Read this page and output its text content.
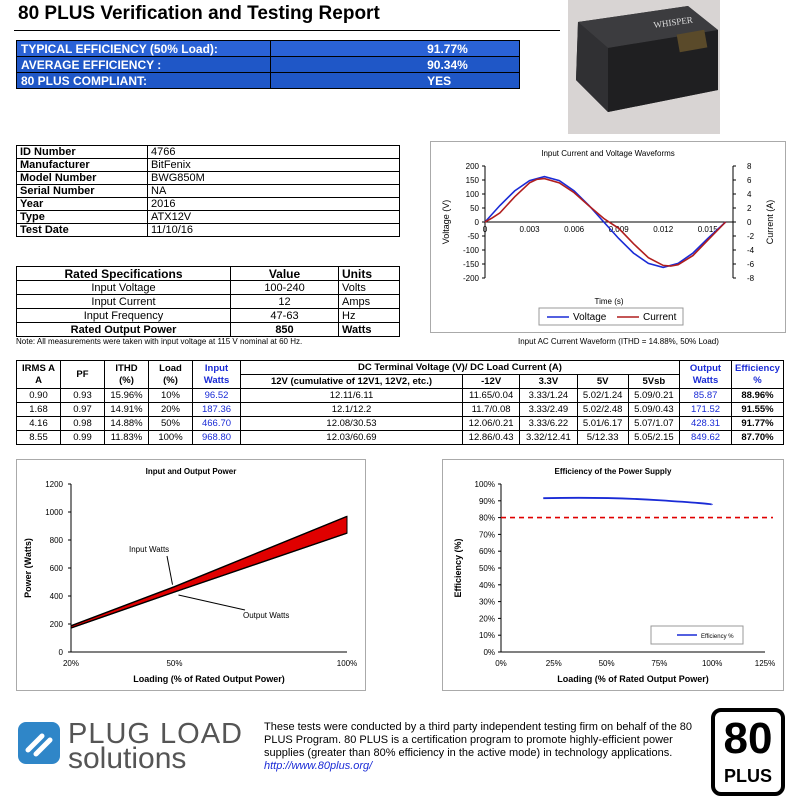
80 PLUS Verification and Testing Report
TYPICAL EFFICIENCY (50% Load):	91.77%
AVERAGE EFFICIENCY :	90.34%
80 PLUS COMPLIANT:	YES
WHISPER
ID Number	4766
Manufacturer	BitFenix
Model Number	BWG850M
Serial Number	NA
Year	2016
Type	ATX12V
Test Date	11/10/16
Rated Specifications	Value	Units
Input Voltage	100-240	Volts
Input Current	12	Amps
Input Frequency	47-63	Hz
Rated Output Power	850	Watts
Note: All measurements were taken with input voltage at 115 V nominal at 60 Hz.	Input AC Current Waveform (ITHD = 14.88%, 50% Load)
Input Current and Voltage Waveforms
200
150
100
50
0
-50
-100
-150
-200
8
6
4
2
0
-2
-4
-6
-8
0	0.003	0.006	0.009	0.012	0.015
Voltage (V)	Current (A)
Time (s)
Voltage	Current
IRMS A
A	PF	ITHD (%)	Load (%)	Input Watts	DC Terminal Voltage (V)/ DC Load Current (A)					Output Watts	Efficiency %
					12V (cumulative of 12V1, 12V2, etc.)	-12V	3.3V	5V	5Vsb		
0.90	0.93	15.96%	10%	96.52	12.11/6.11	11.65/0.04	3.33/1.24	5.02/1.24	5.09/0.21	85.87	88.96%
1.68	0.97	14.91%	20%	187.36	12.1/12.2	11.7/0.08	3.33/2.49	5.02/2.48	5.09/0.43	171.52	91.55%
4.16	0.98	14.88%	50%	466.70	12.08/30.53	12.06/0.21	3.33/6.22	5.01/6.17	5.07/1.07	428.31	91.77%
8.55	0.99	11.83%	100%	968.80	12.03/60.69	12.86/0.43	3.32/12.41	5/12.33	5.05/2.15	849.62	87.70%
Input and Output Power
1200
1000
800
600
400
200
0
20%	50%	100%
Power (Watts)
Loading (% of Rated Output Power)
Input Watts
Output Watts
Efficiency of the Power Supply
100%
90%
80%
70%
60%
50%
40%
30%
20%
10%
0%
0%	25%	50%	75%	100%	125%
Efficiency (%)
Loading (% of Rated Output Power)
Efficiency %
PLUG LOAD
solutions
These tests were conducted by a third party independent testing firm on behalf of the 80 PLUS Program. 80 PLUS is a certification program to promote highly-efficient power supplies (greater than 80% efficiency in the active mode) in technology applications. http://www.80plus.org/
80
PLUS
